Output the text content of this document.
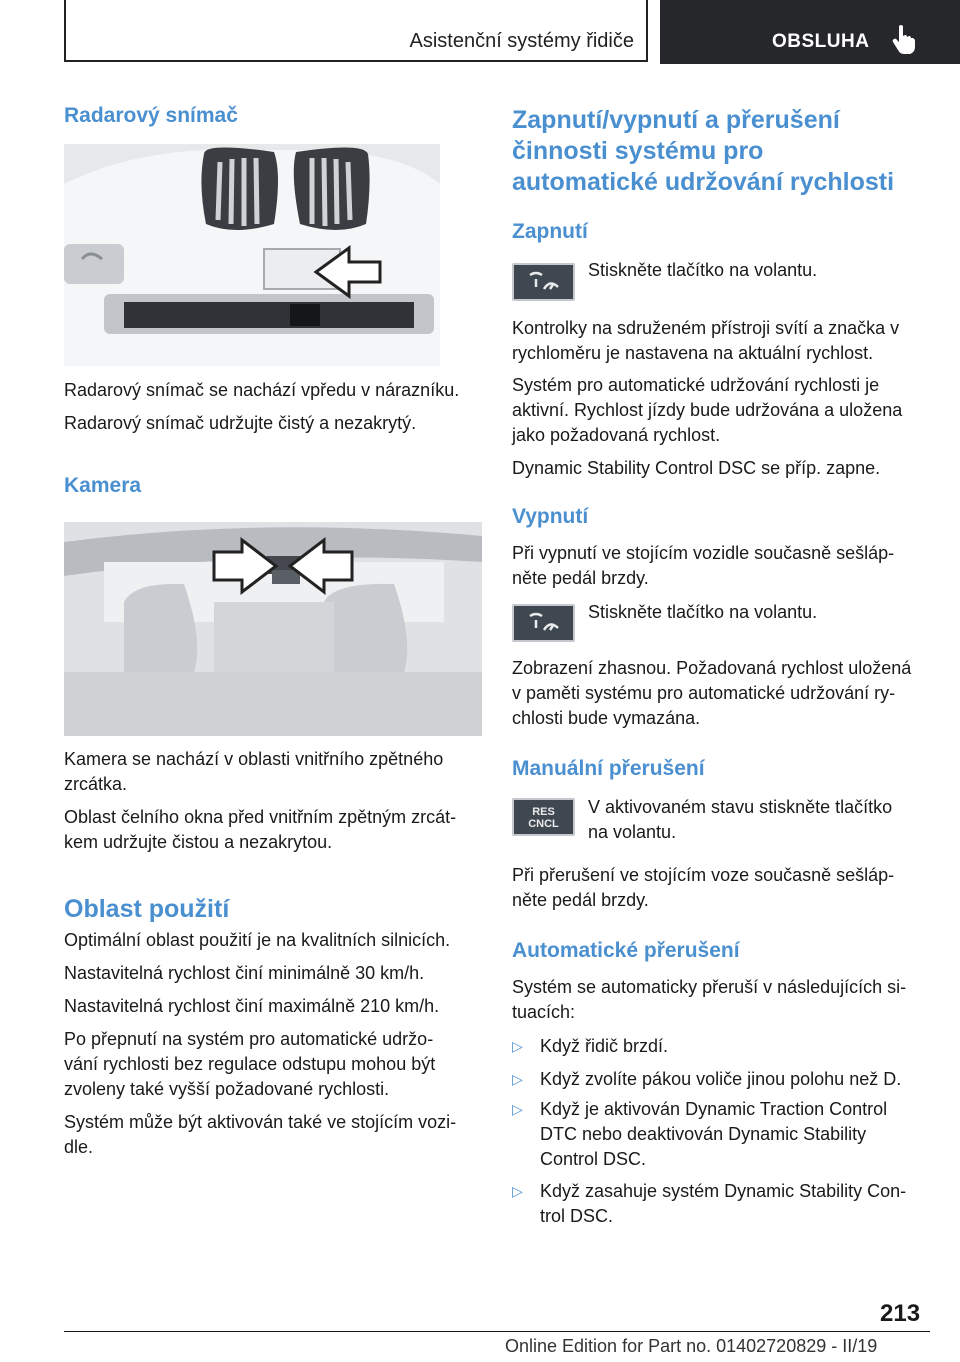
Asistenční systémy řidiče	OBSLUHA
Radarový snímač

Radarový snímač se nachází vpředu v nárazníku.

Radarový snímač udržujte čistý a nezakrytý.

Kamera

Kamera se nachází v oblasti vnitřního zpětného

zrcátka.

Oblast čelního okna před vnitřním zpětným zrcát‐

kem udržujte čistou a nezakrytou.

Oblast použití

Optimální oblast použití je na kvalitních silnicích.

Nastavitelná rychlost činí minimálně 30 km/h.

Nastavitelná rychlost činí maximálně 210 km/h.

Po přepnutí na systém pro automatické udržo‐

vání rychlosti bez regulace odstupu mohou být

zvoleny také vyšší požadované rychlosti.

Systém může být aktivován také ve stojícím vozi‐

dle.

Zapnutí/vypnutí a přerušení
činnosti systému pro
automatické udržování rychlosti
Zapnutí

Stiskněte tlačítko na volantu.

Kontrolky na sdruženém přístroji svítí a značka v

rychloměru je nastavena na aktuální rychlost.

Systém pro automatické udržování rychlosti je

aktivní. Rychlost jízdy bude udržována a uložena

jako požadovaná rychlost.

Dynamic Stability Control DSC se příp. zapne.

Vypnutí

Při vypnutí ve stojícím vozidle současně sešláp‐

něte pedál brzdy.

Stiskněte tlačítko na volantu.

Zobrazení zhasnou. Požadovaná rychlost uložená

v paměti systému pro automatické udržování ry‐

chlosti bude vymazána.

Manuální přerušení
RES
CNCL

V aktivovaném stavu stiskněte tlačítko

na volantu.

Při přerušení ve stojícím voze současně sešláp‐

něte pedál brzdy.

Automatické přerušení

Systém se automaticky přeruší v následujících si‐

tuacích:

▷ Když řidič brzdí.
▷ Když zvolíte pákou voliče jinou polohu než D.
▷ Když je aktivován Dynamic Traction Control
DTC nebo deaktivován Dynamic Stability
Control DSC.
▷ Když zasahuje systém Dynamic Stability Con‐
trol DSC.
213
Online Edition for Part no. 01402720829 - II/19
